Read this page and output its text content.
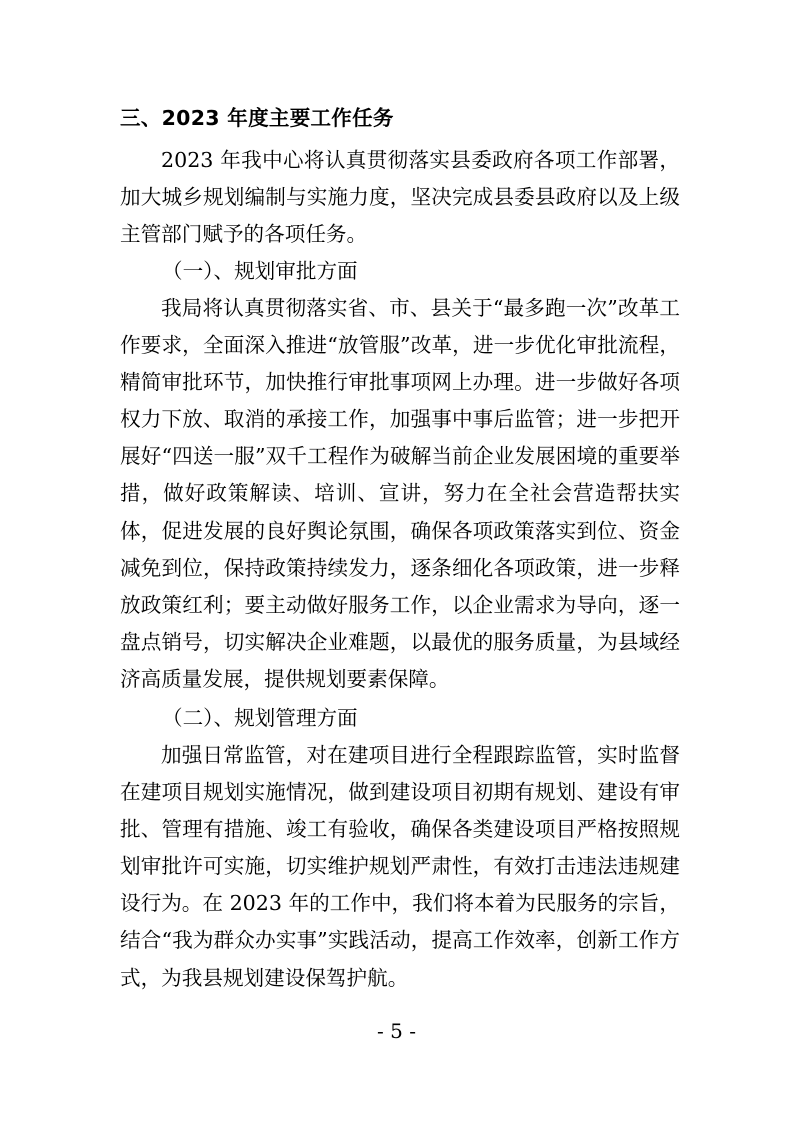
三、2023 年度主要工作任务

2023 年我中心将认真贯彻落实县委政府各项工作部署，加大城乡规划编制与实施力度，坚决完成县委县政府以及上级主管部门赋予的各项任务。

（一）、规划审批方面

我局将认真贯彻落实省、市、县关于“最多跑一次”改革工作要求，全面深入推进“放管服”改革，进一步优化审批流程，精简审批环节，加快推行审批事项网上办理。进一步做好各项权力下放、取消的承接工作，加强事中事后监管；进一步把开展好“四送一服”双千工程作为破解当前企业发展困境的重要举措，做好政策解读、培训、宣讲，努力在全社会营造帮扶实体，促进发展的良好舆论氛围，确保各项政策落实到位、资金减免到位，保持政策持续发力，逐条细化各项政策，进一步释放政策红利；要主动做好服务工作，以企业需求为导向，逐一盘点销号，切实解决企业难题，以最优的服务质量，为县域经济高质量发展，提供规划要素保障。

（二）、规划管理方面

加强日常监管，对在建项目进行全程跟踪监管，实时监督在建项目规划实施情况，做到建设项目初期有规划、建设有审批、管理有措施、竣工有验收，确保各类建设项目严格按照规划审批许可实施，切实维护规划严肃性，有效打击违法违规建设行为。在 2023 年的工作中，我们将本着为民服务的宗旨，结合“我为群众办实事”实践活动，提高工作效率，创新工作方式，为我县规划建设保驾护航。

- 5 -
